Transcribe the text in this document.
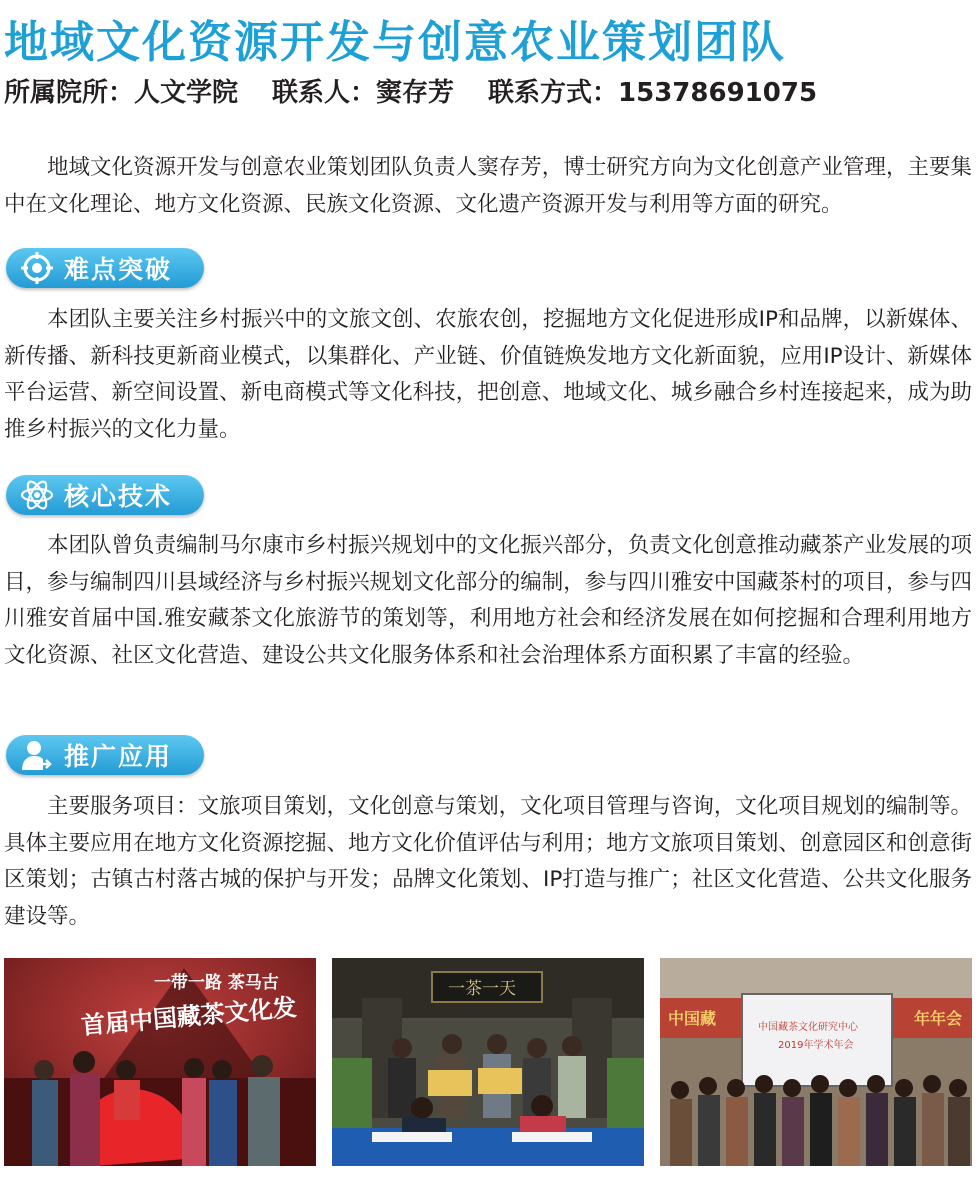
地域文化资源开发与创意农业策划团队
所属院所：人文学院 联系人：窦存芳 联系方式：15378691075

地域文化资源开发与创意农业策划团队负责人窦存芳，博士研究方向为文化创意产业管理，主要集中在文化理论、地方文化资源、民族文化资源、文化遗产资源开发与利用等方面的研究。

难点突破

本团队主要关注乡村振兴中的文旅文创、农旅农创，挖掘地方文化促进形成IP和品牌，以新媒体、新传播、新科技更新商业模式，以集群化、产业链、价值链焕发地方文化新面貌，应用IP设计、新媒体平台运营、新空间设置、新电商模式等文化科技，把创意、地域文化、城乡融合乡村连接起来，成为助推乡村振兴的文化力量。

核心技术

本团队曾负责编制马尔康市乡村振兴规划中的文化振兴部分，负责文化创意推动藏茶产业发展的项目，参与编制四川县域经济与乡村振兴规划文化部分的编制，参与四川雅安中国藏茶村的项目，参与四川雅安首届中国.雅安藏茶文化旅游节的策划等，利用地方社会和经济发展在如何挖掘和合理利用地方文化资源、社区文化营造、建设公共文化服务体系和社会治理体系方面积累了丰富的经验。

推广应用

主要服务项目：文旅项目策划，文化创意与策划，文化项目管理与咨询，文化项目规划的编制等。具体主要应用在地方文化资源挖掘、地方文化价值评估与利用；地方文旅项目策划、创意园区和创意街区策划；古镇古村落古城的保护与开发；品牌文化策划、IP打造与推广；社区文化营造、公共文化服务建设等。

一带一路 茶马古
首届中国藏茶文化发
一茶一天
中国藏	年年会
中国藏茶文化研究中心
2019年学术年会
